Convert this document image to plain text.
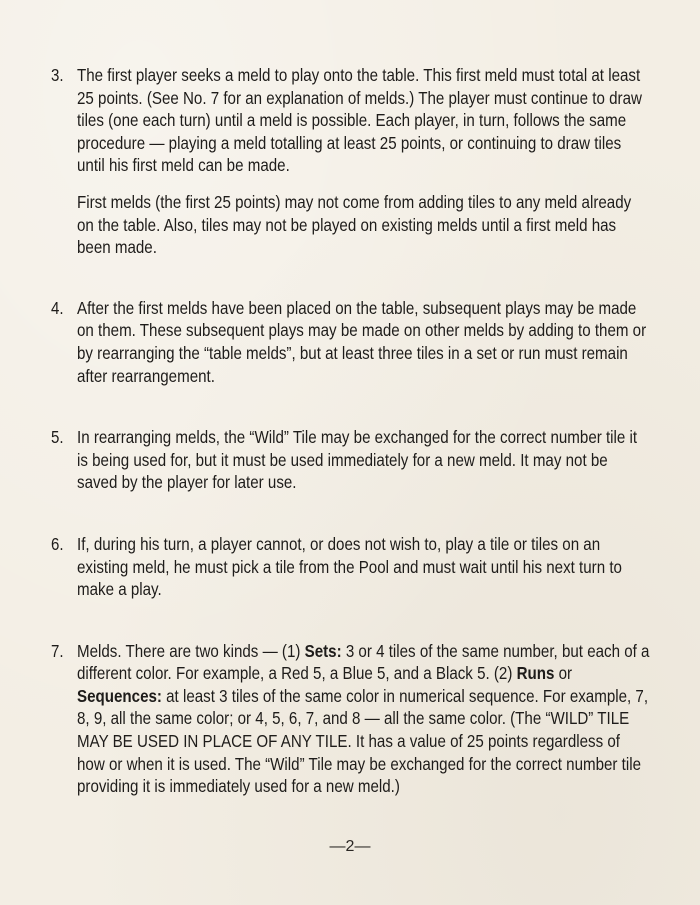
3. The first player seeks a meld to play onto the table. This first meld must total at least 25 points. (See No. 7 for an explanation of melds.) The player must continue to draw tiles (one each turn) until a meld is possible. Each player, in turn, follows the same procedure — playing a meld totalling at least 25 points, or continuing to draw tiles until his first meld can be made.

First melds (the first 25 points) may not come from adding tiles to any meld already on the table. Also, tiles may not be played on existing melds until a first meld has been made.

4. After the first melds have been placed on the table, subsequent plays may be made on them. These subsequent plays may be made on other melds by adding to them or by rearranging the “table melds”, but at least three tiles in a set or run must remain after rearrangement.

5. In rearranging melds, the “Wild” Tile may be exchanged for the correct number tile it is being used for, but it must be used immediately for a new meld. It may not be saved by the player for later use.

6. If, during his turn, a player cannot, or does not wish to, play a tile or tiles on an existing meld, he must pick a tile from the Pool and must wait until his next turn to make a play.

7. Melds. There are two kinds — (1) Sets: 3 or 4 tiles of the same number, but each of a different color. For example, a Red 5, a Blue 5, and a Black 5. (2) Runs or Sequences: at least 3 tiles of the same color in numerical sequence. For example, 7, 8, 9, all the same color; or 4, 5, 6, 7, and 8 — all the same color. (The “WILD” TILE MAY BE USED IN PLACE OF ANY TILE. It has a value of 25 points regardless of how or when it is used. The “Wild” Tile may be exchanged for the correct number tile providing it is immediately used for a new meld.)

—2—
